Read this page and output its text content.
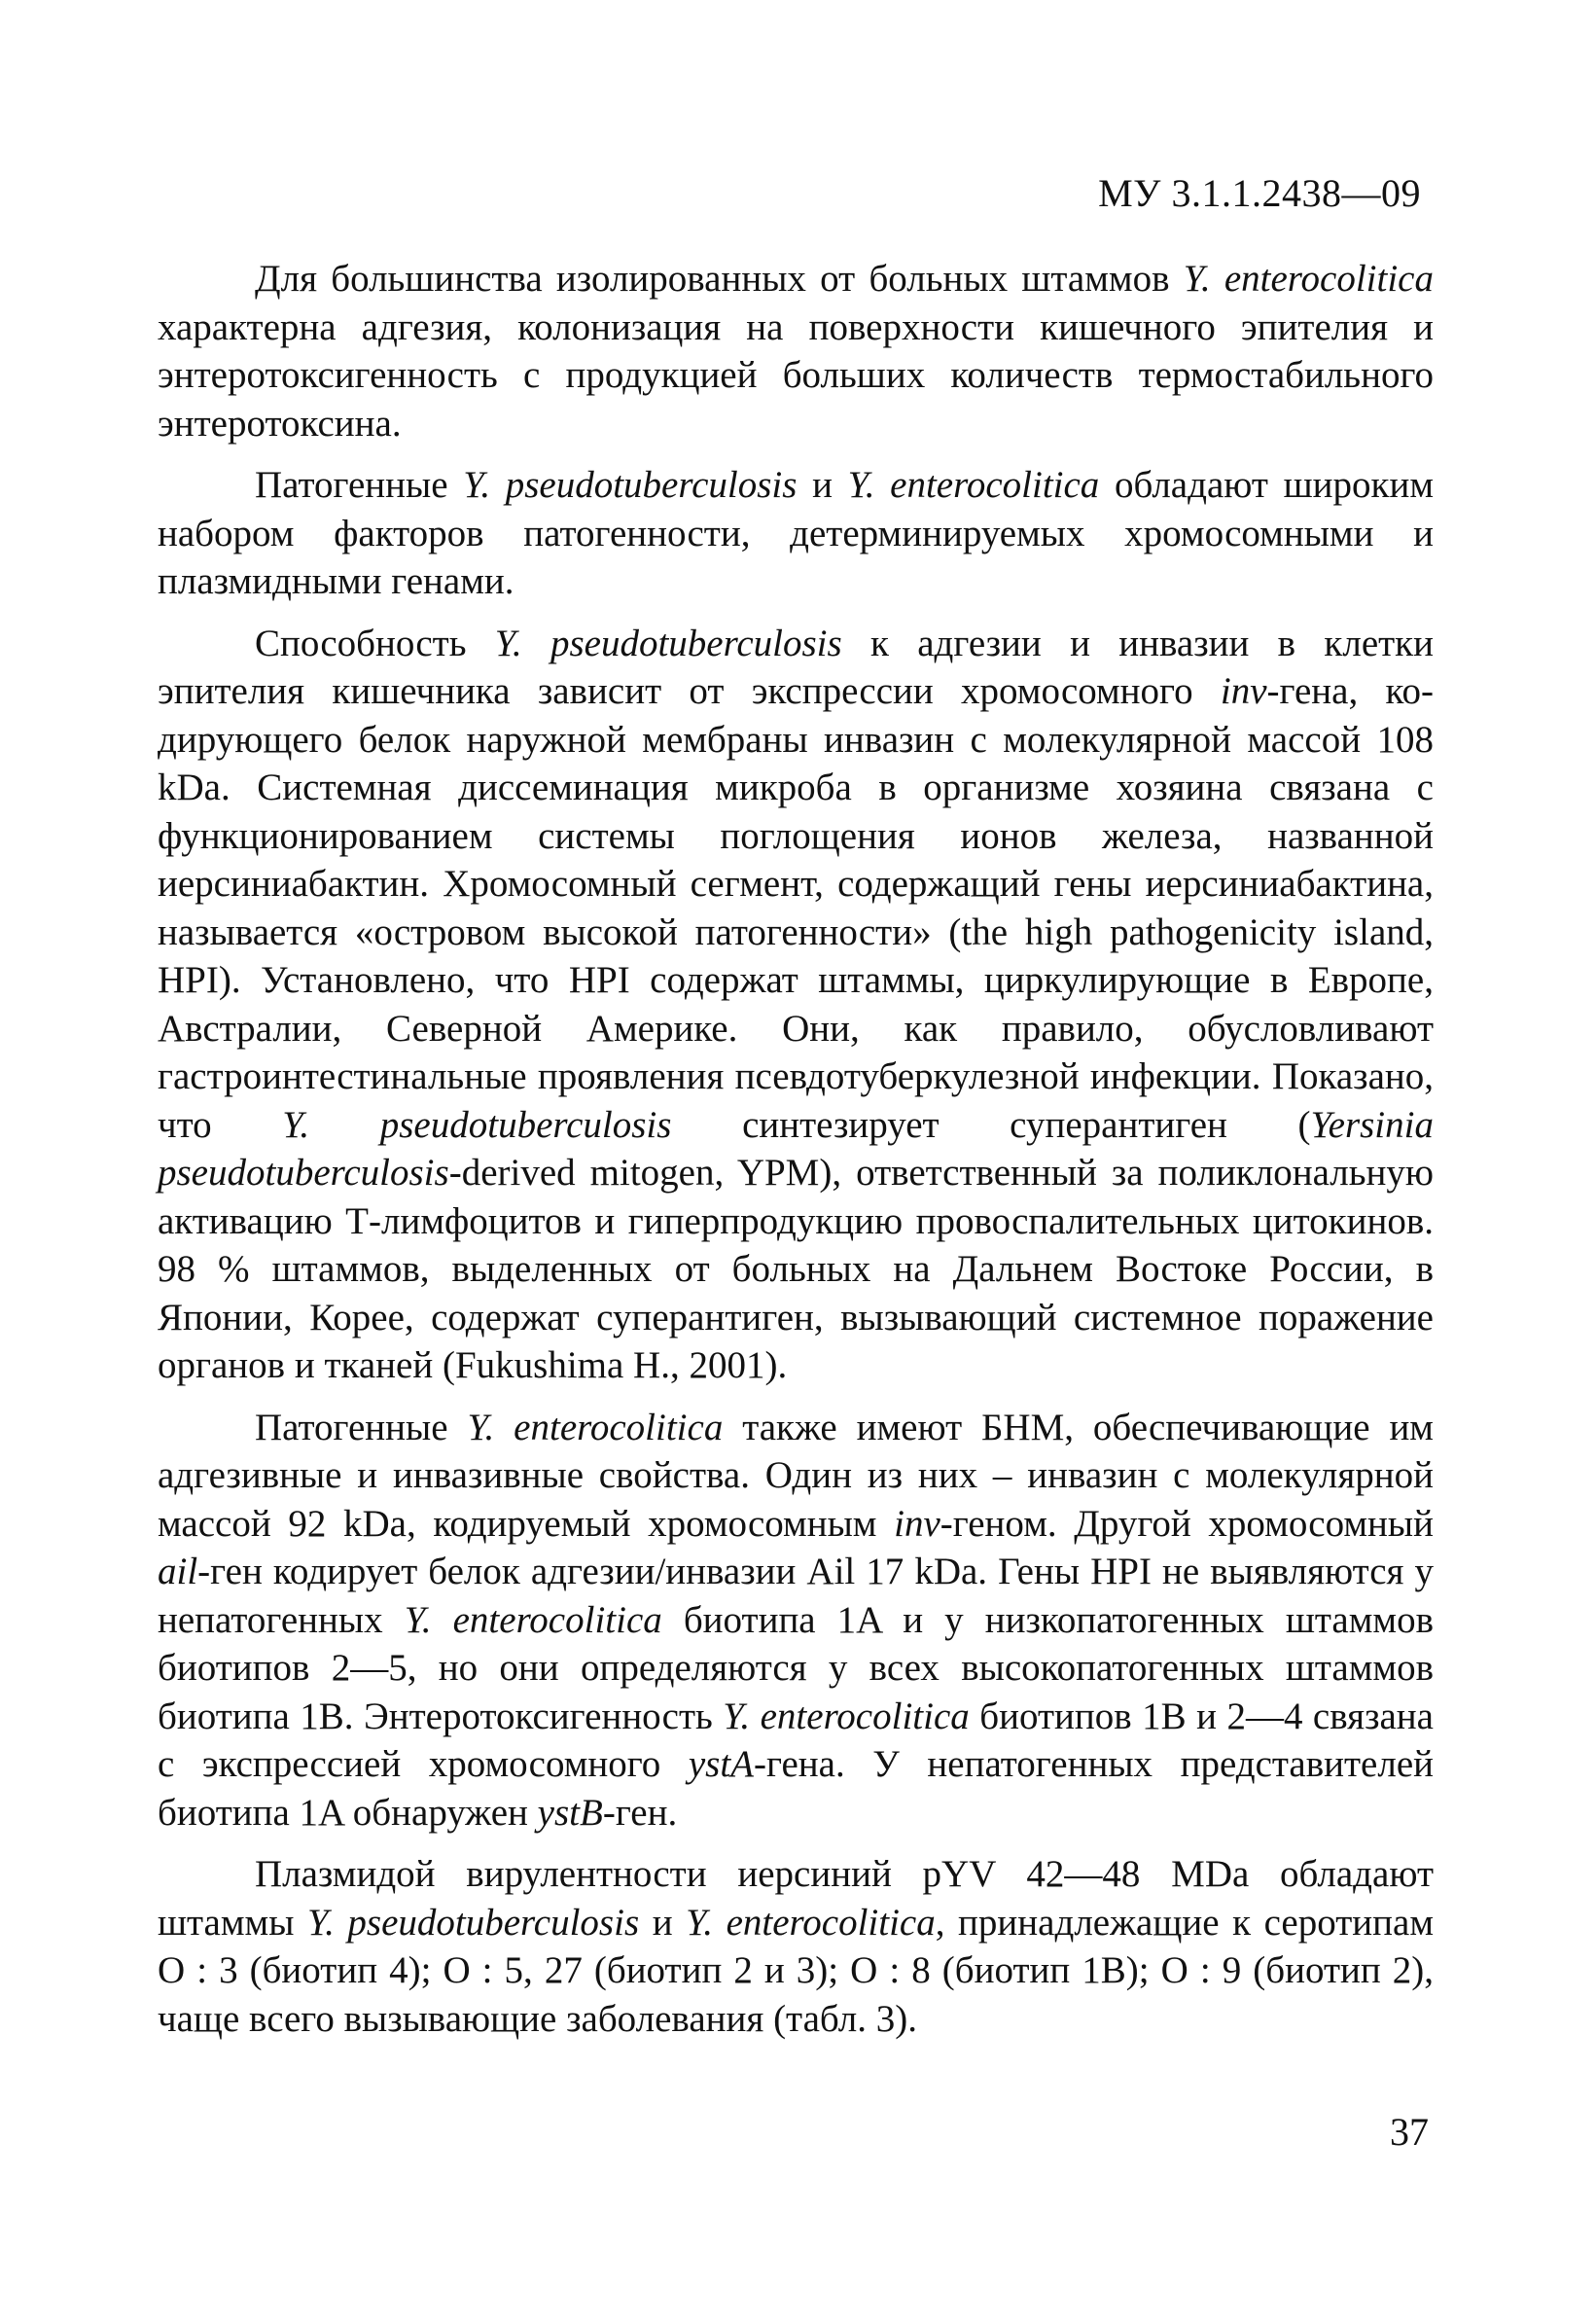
МУ 3.1.1.2438—09

Для большинства изолированных от больных штаммов Y. enterocolitica характерна адгезия, колонизация на поверхности кишечного эпителия и энтеротоксигенность с продукцией больших количеств термостабильного энтеротоксина.

Патогенные Y. pseudotuberculosis и Y. enterocolitica обладают широким набором факторов патогенности, детерминируемых хромосомными и плазмидными генами.

Способность Y. pseudotuberculosis к адгезии и инвазии в клетки эпителия кишечника зависит от экспрессии хромосомного inv-гена, кодирующего белок наружной мембраны инвазин с молекулярной массой 108 kDa. Системная диссеминация микроба в организме хозяина связана с функционированием системы поглощения ионов железа, названной иерсиниабактин. Хромосомный сегмент, содержащий гены иерсиниабактина, называется «островом высокой патогенности» (the high pathogenicity island, HPI). Установлено, что HPI содержат штаммы, циркулирующие в Европе, Австралии, Северной Америке. Они, как правило, обусловливают гастроинтестинальные проявления псевдотуберкулезной инфекции. Показано, что Y. pseudotuberculosis синтезирует суперантиген (Yersinia pseudotuberculosis-derived mitogen, YPM), ответственный за поликлональную активацию Т-лимфоцитов и гиперпродукцию провоспалительных цитокинов. 98 % штаммов, выделенных от больных на Дальнем Востоке России, в Японии, Корее, содержат суперантиген, вызывающий системное поражение органов и тканей (Fukushima H., 2001).

Патогенные Y. enterocolitica также имеют БНМ, обеспечивающие им адгезивные и инвазивные свойства. Один из них – инвазин с молекулярной массой 92 kDa, кодируемый хромосомным inv-геном. Другой хромосомный ail-ген кодирует белок адгезии/инвазии Ail 17 kDa. Гены HPI не выявляются у непатогенных Y. enterocolitica биотипа 1A и у низкопатогенных штаммов биотипов 2—5, но они определяются у всех высокопатогенных штаммов биотипа 1B. Энтеротоксигенность Y. enterocolitica биотипов 1B и 2—4 связана с экспрессией хромосомного ystA-гена. У непатогенных представителей биотипа 1A обнаружен ystB-ген.

Плазмидой вирулентности иерсиний pYV 42—48 MDa обладают штаммы Y. pseudotuberculosis и Y. enterocolitica, принадлежащие к серотипам О : 3 (биотип 4); О : 5, 27 (биотип 2 и 3); О : 8 (биотип 1B); О : 9 (биотип 2), чаще всего вызывающие заболевания (табл. 3).

37
